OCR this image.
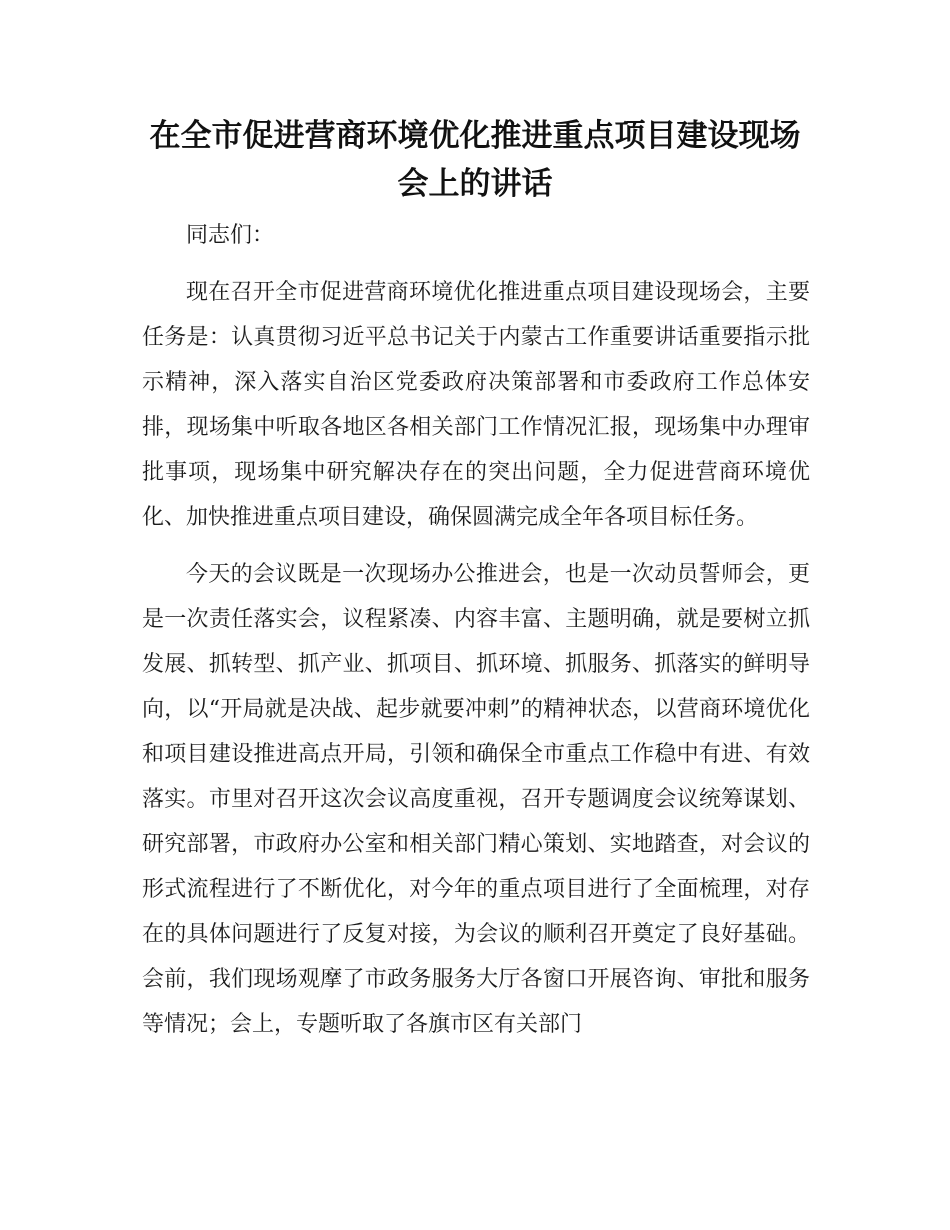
在全市促进营商环境优化推进重点项目建设现场会上的讲话

同志们：

现在召开全市促进营商环境优化推进重点项目建设现场会，主要任务是：认真贯彻习近平总书记关于内蒙古工作重要讲话重要指示批示精神，深入落实自治区党委政府决策部署和市委政府工作总体安排，现场集中听取各地区各相关部门工作情况汇报，现场集中办理审批事项，现场集中研究解决存在的突出问题，全力促进营商环境优化、加快推进重点项目建设，确保圆满完成全年各项目标任务。

今天的会议既是一次现场办公推进会，也是一次动员誓师会，更是一次责任落实会，议程紧凑、内容丰富、主题明确，就是要树立抓发展、抓转型、抓产业、抓项目、抓环境、抓服务、抓落实的鲜明导向，以“开局就是决战、起步就要冲刺”的精神状态，以营商环境优化和项目建设推进高点开局，引领和确保全市重点工作稳中有进、有效落实。市里对召开这次会议高度重视，召开专题调度会议统筹谋划、研究部署，市政府办公室和相关部门精心策划、实地踏查，对会议的形式流程进行了不断优化，对今年的重点项目进行了全面梳理，对存在的具体问题进行了反复对接，为会议的顺利召开奠定了良好基础。会前，我们现场观摩了市政务服务大厅各窗口开展咨询、审批和服务等情况；会上，专题听取了各旗市区有关部门
